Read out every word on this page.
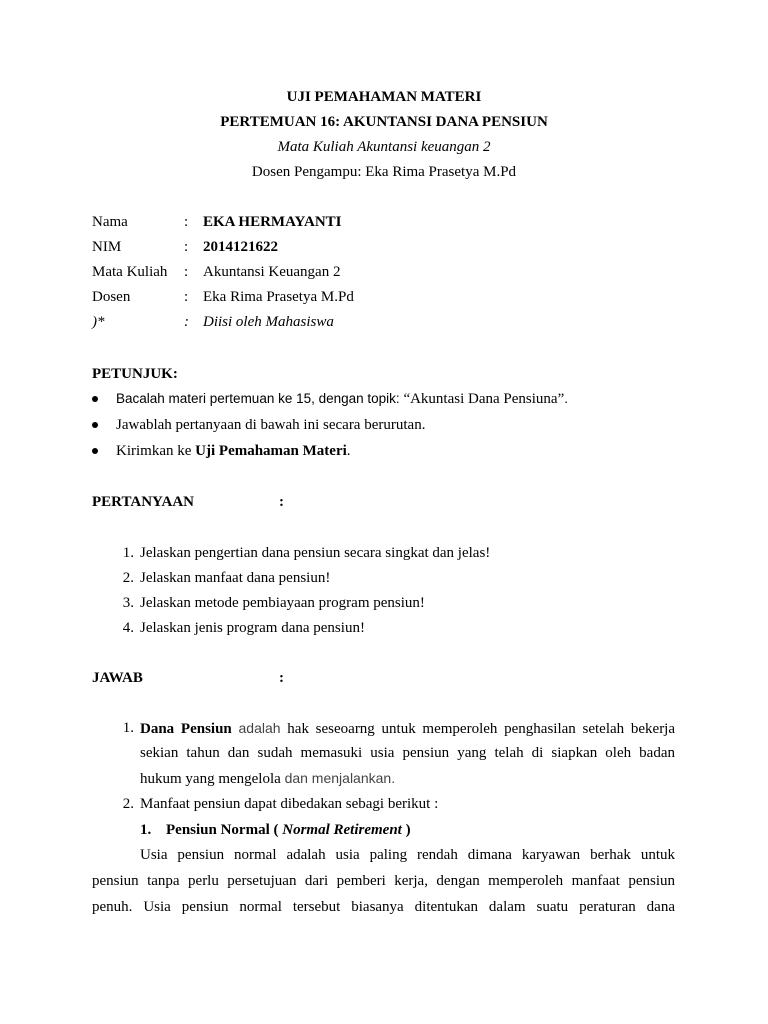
UJI PEMAHAMAN MATERI
PERTEMUAN 16: AKUNTANSI DANA PENSIUN
Mata Kuliah Akuntansi keuangan 2
Dosen Pengampu: Eka Rima Prasetya M.Pd
Nama	: EKA HERMAYANTI
NIM	: 2014121622
Mata Kuliah : Akuntansi Keuangan 2
Dosen	: Eka Rima Prasetya M.Pd
)*	: Diisi oleh Mahasiswa
PETUNJUK:
Bacalah materi pertemuan ke 15, dengan topik: “Akuntasi Dana Pensiuna”.
Jawablah pertanyaan di bawah ini secara berurutan.
Kirimkan ke Uji Pemahaman Materi.
PERTANYAAN	:
1. Jelaskan pengertian dana pensiun secara singkat dan jelas!
2. Jelaskan manfaat dana pensiun!
3. Jelaskan metode pembiayaan program pensiun!
4. Jelaskan jenis program dana pensiun!
JAWAB	:
1. Dana Pensiun adalah hak seseoarng untuk memperoleh penghasilan setelah bekerja
sekian tahun dan sudah memasuki usia pensiun yang telah di siapkan oleh badan
hukum yang mengelola dan menjalankan.
2. Manfaat pensiun dapat dibedakan sebagi berikut :
1. Pensiun Normal ( Normal Retirement )
Usia pensiun normal adalah usia paling rendah dimana karyawan berhak untuk
pensiun tanpa perlu persetujuan dari pemberi kerja, dengan memperoleh manfaat pensiun
penuh. Usia pensiun normal tersebut biasanya ditentukan dalam suatu peraturan dana
